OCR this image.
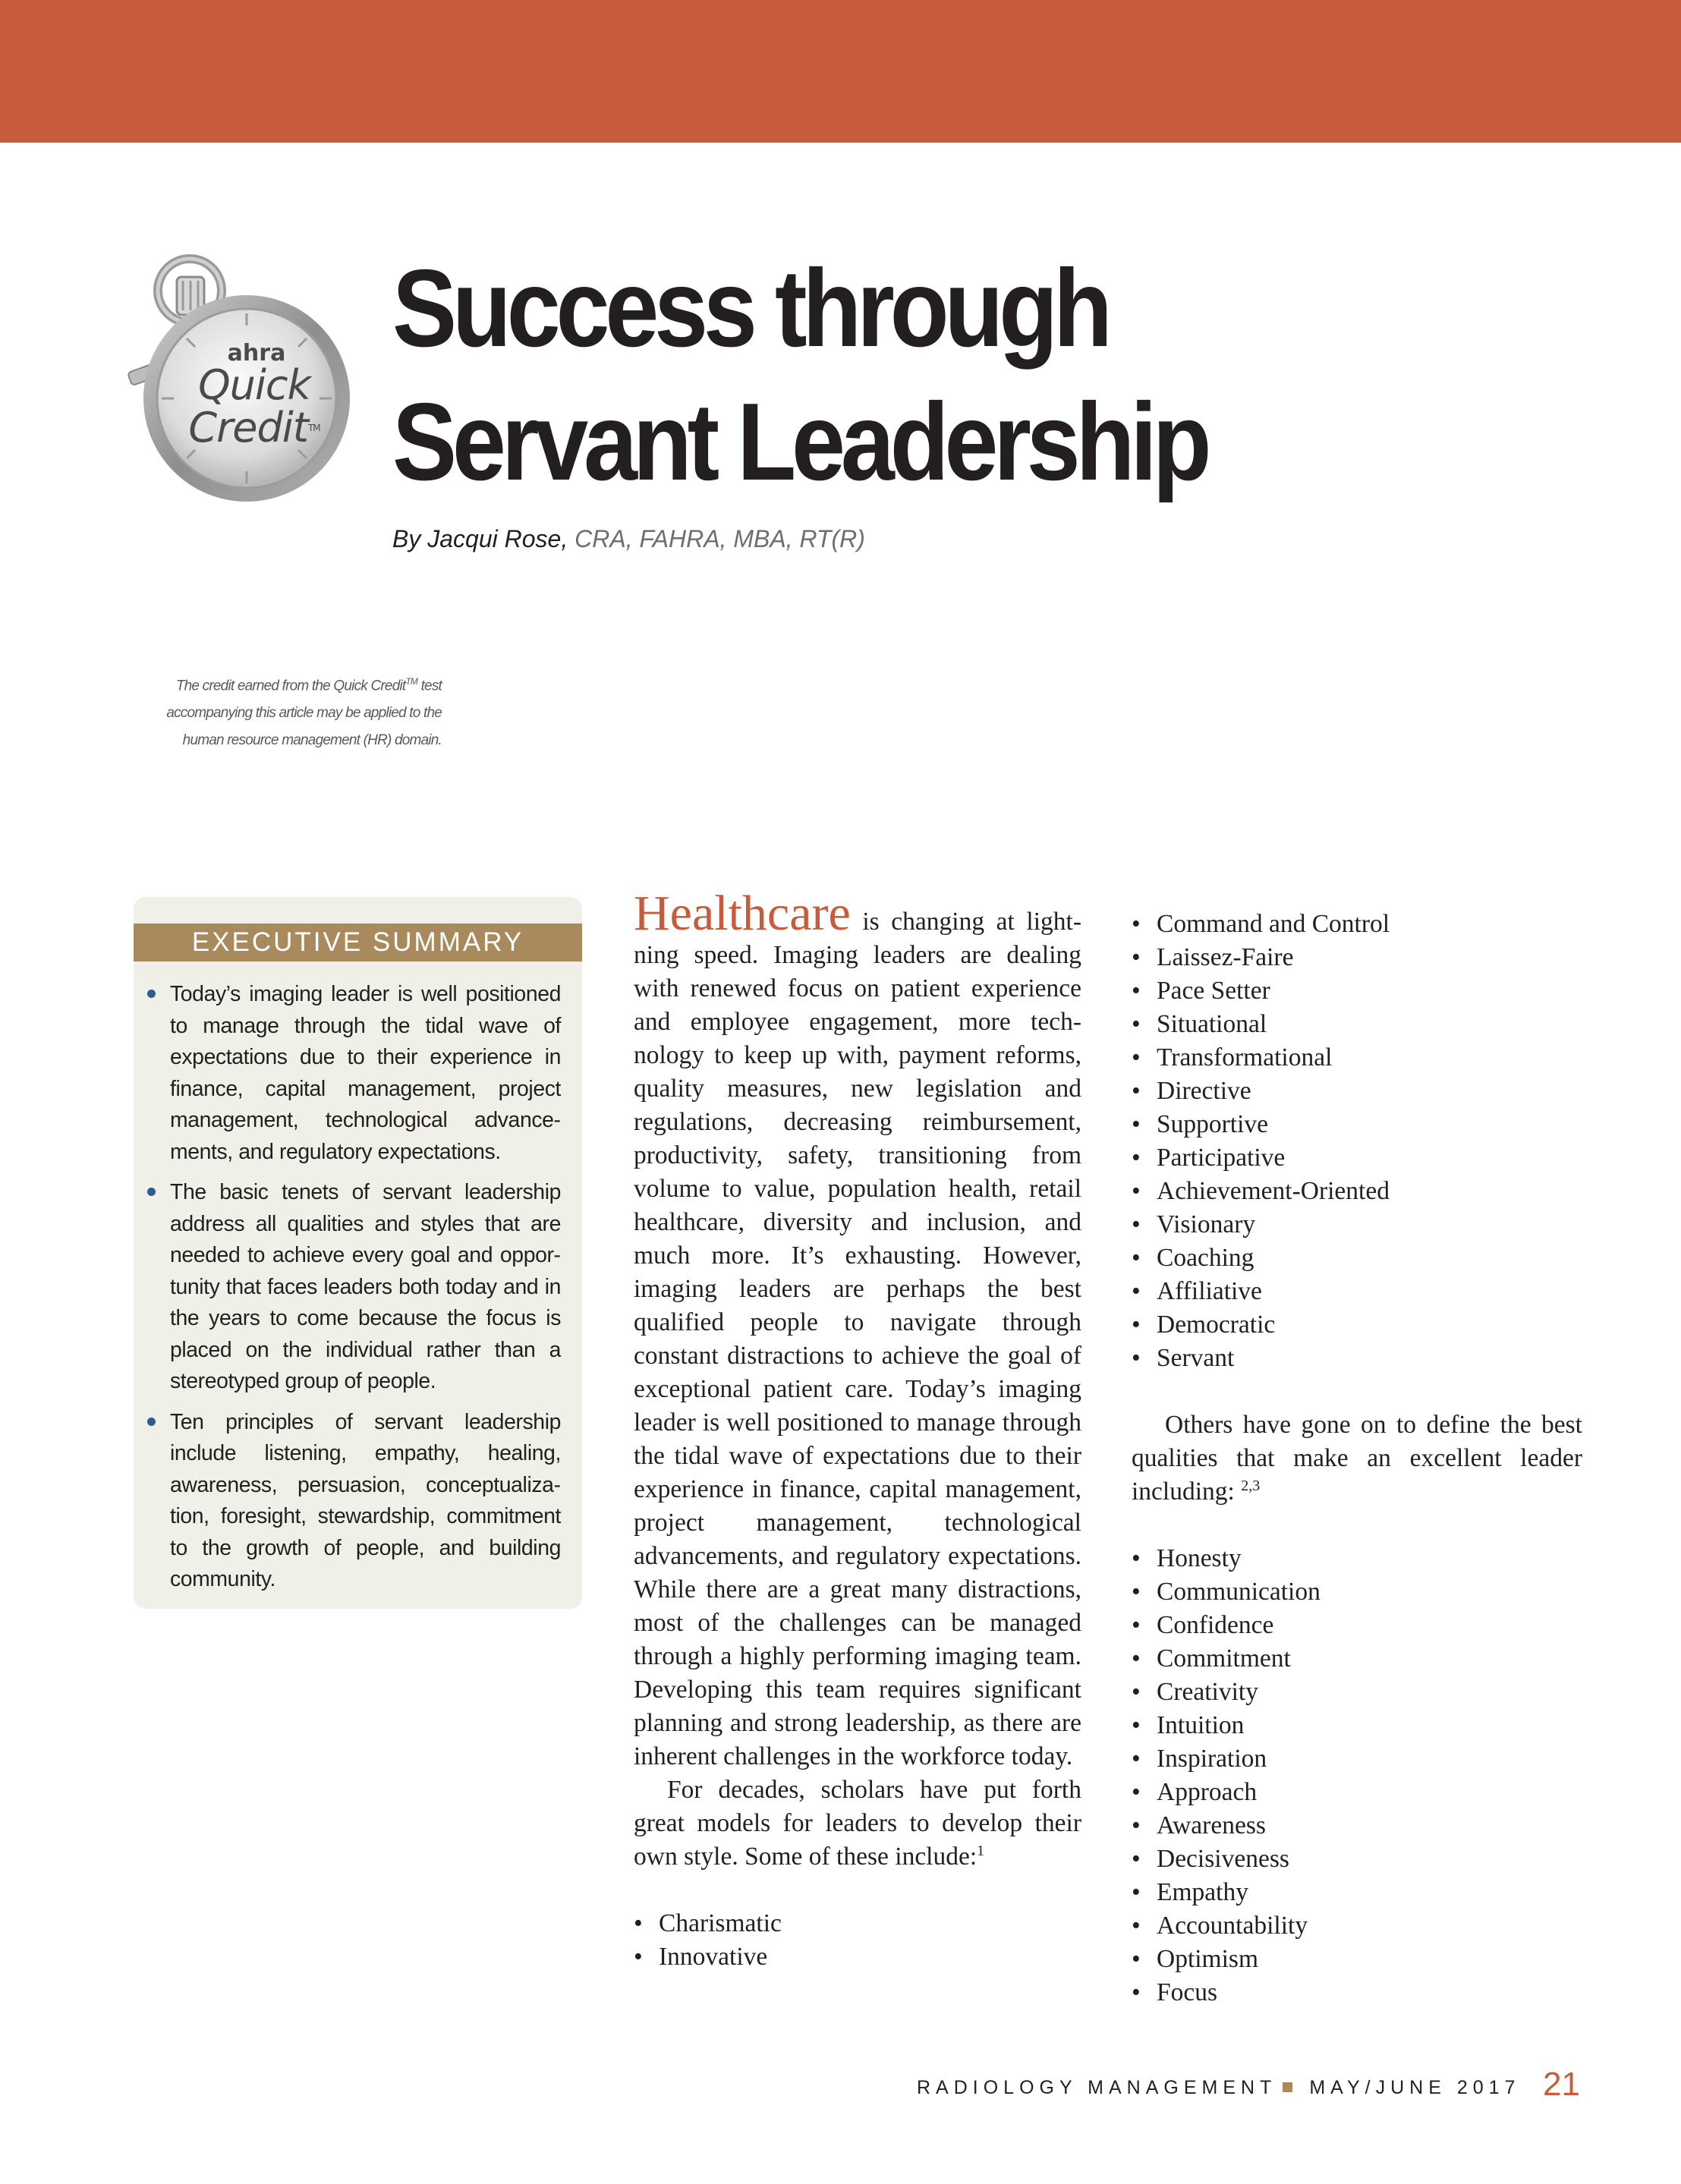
ahra
Quick
Credit™
Success through
Servant Leadership
By Jacqui Rose, CRA, FAHRA, MBA, RT(R)
The credit earned from the Quick Credit™ test
accompanying this article may be applied to the
human resource management (HR) domain.
EXECUTIVE SUMMARY
Today’s imaging leader is well positioned to manage through the tidal wave of expectations due to their experience in finance, capital management, project management, technological advancements, and regulatory expectations.
The basic tenets of servant leadership address all qualities and styles that are needed to achieve every goal and opportunity that faces leaders both today and in the years to come because the focus is placed on the individual rather than a stereotyped group of people.
Ten principles of servant leadership include listening, empathy, healing, awareness, persuasion, conceptualization, foresight, stewardship, commitment to the growth of people, and building community.

Healthcare is changing at lightning speed. Imaging leaders are dealing with renewed focus on patient experience and employee engagement, more technology to keep up with, payment reforms, quality measures, new legislation and regulations, decreasing reimbursement, productivity, safety, transitioning from volume to value, population health, retail healthcare, diversity and inclusion, and much more. It’s exhausting. However, imaging leaders are perhaps the best qualified people to navigate through constant distractions to achieve the goal of exceptional patient care. Today’s imaging leader is well positioned to manage through the tidal wave of expectations due to their experience in finance, capital management, project management, technological advancements, and regulatory expectations. While there are a great many distractions, most of the challenges can be managed through a highly performing imaging team. Developing this team requires significant planning and strong leadership, as there are inherent challenges in the workforce today.

For decades, scholars have put forth great models for leaders to develop their own style. Some of these include:$^1$

• Charismatic
• Innovative
• Command and Control
• Laissez-Faire
• Pace Setter
• Situational
• Transformational
• Directive
• Supportive
• Participative
• Achievement-Oriented
• Visionary
• Coaching
• Affiliative
• Democratic
• Servant

Others have gone on to define the best qualities that make an excellent leader including: $^{2,3}$

• Honesty
• Communication
• Confidence
• Commitment
• Creativity
• Intuition
• Inspiration
• Approach
• Awareness
• Decisiveness
• Empathy
• Accountability
• Optimism
• Focus
RADIOLOGY MANAGEMENT MAY/JUNE 2017 21
